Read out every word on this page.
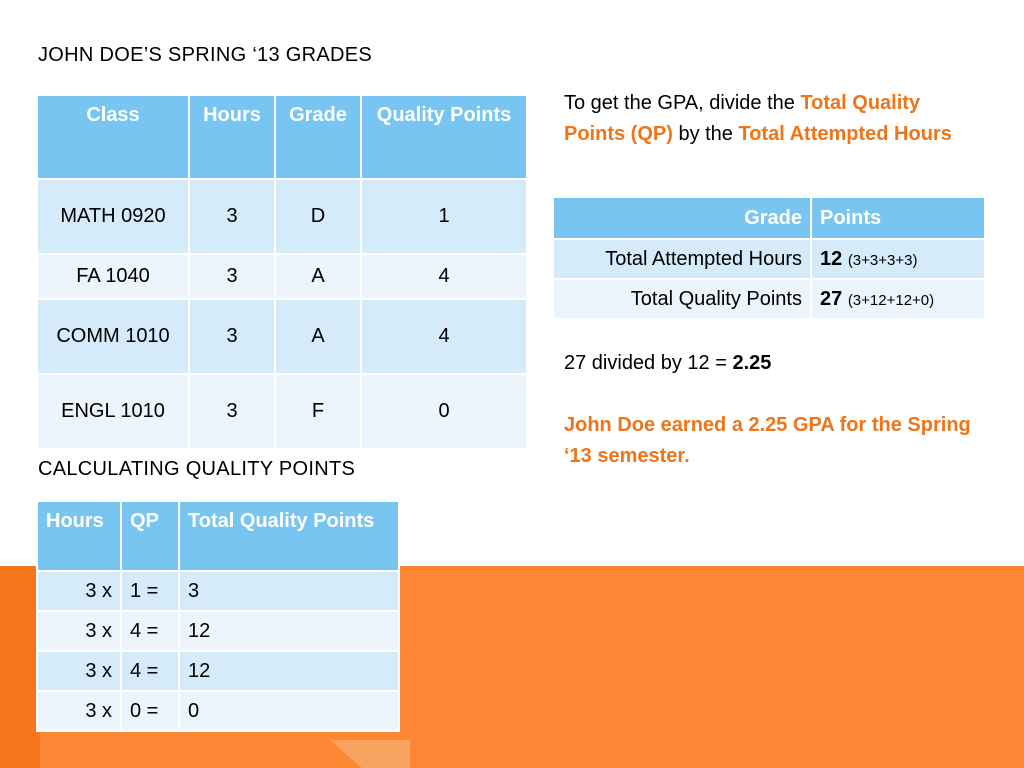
JOHN DOE’S SPRING ‘13 GRADES
Class	Hours	Grade	Quality Points
MATH 0920	3	D	1
FA 1040	3	A	4
COMM 1010	3	A	4
ENGL 1010	3	F	0
CALCULATING QUALITY POINTS
Hours	QP	Total Quality Points
3 x	1 =	3
3 x	4 =	12
3 x	4 =	12
3 x	0 =	0
To get the GPA, divide the Total Quality Points (QP) by the Total Attempted Hours
Grade	Points
Total Attempted Hours	12 (3+3+3+3)
Total Quality Points	27 (3+12+12+0)
27 divided by 12 = 2.25
John Doe earned a 2.25 GPA for the Spring ‘13 semester.
